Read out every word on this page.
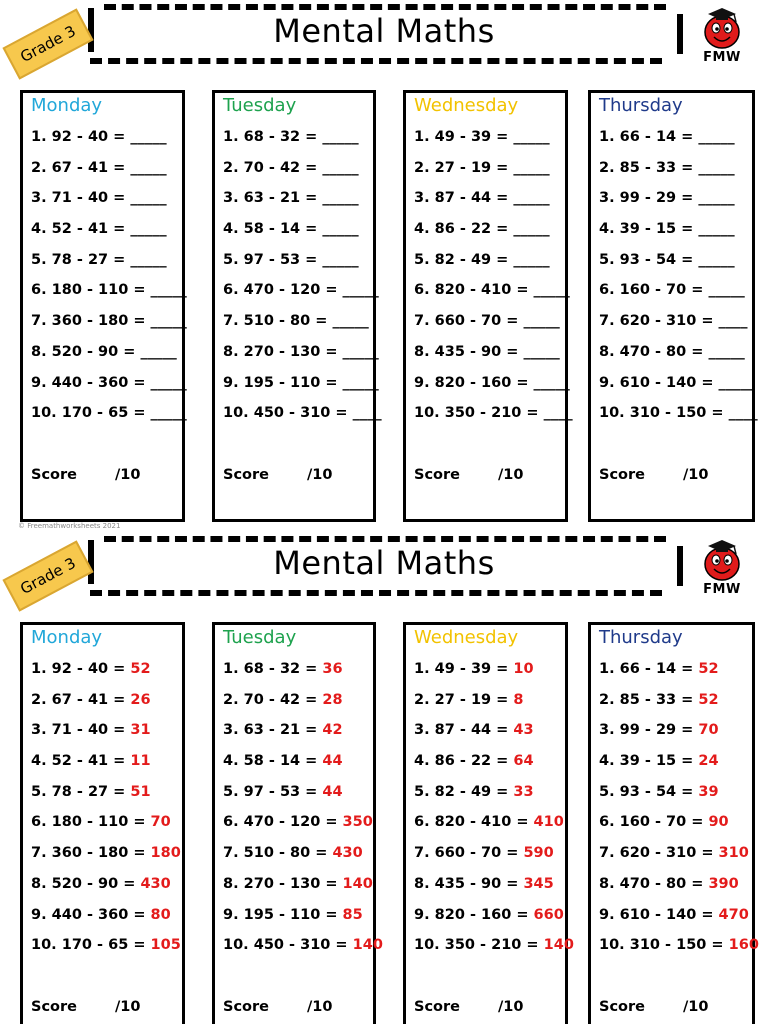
Mental Maths
Grade 3	FMW
Monday
1. 92 - 40 = _____
2. 67 - 41 = _____
3. 71 - 40 = _____
4. 52 - 41 = _____
5. 78 - 27 = _____
6. 180 - 110 = _____
7. 360 - 180 = _____
8. 520 - 90 = _____
9. 440 - 360 = _____
10. 170 - 65 = _____
Score	/10
Tuesday
1. 68 - 32 = _____
2. 70 - 42 = _____
3. 63 - 21 = _____
4. 58 - 14 = _____
5. 97 - 53 = _____
6. 470 - 120 = _____
7. 510 - 80 = _____
8. 270 - 130 = _____
9. 195 - 110 = _____
10. 450 - 310 = ____
Score	/10
Wednesday
1. 49 - 39 = _____
2. 27 - 19 = _____
3. 87 - 44 = _____
4. 86 - 22 = _____
5. 82 - 49 = _____
6. 820 - 410 = _____
7. 660 - 70 = _____
8. 435 - 90 = _____
9. 820 - 160 = _____
10. 350 - 210 = ____
Score	/10
Thursday
1. 66 - 14 = _____
2. 85 - 33 = _____
3. 99 - 29 = _____
4. 39 - 15 = _____
5. 93 - 54 = _____
6. 160 - 70 = _____
7. 620 - 310 = ____
8. 470 - 80 = _____
9. 610 - 140 = _____
10. 310 - 150 = ____
Score	/10
Mental Maths
Grade 3	FMW
Monday
1. 92 - 40 = 52
2. 67 - 41 = 26
3. 71 - 40 = 31
4. 52 - 41 = 11
5. 78 - 27 = 51
6. 180 - 110 = 70
7. 360 - 180 = 180
8. 520 - 90 = 430
9. 440 - 360 = 80
10. 170 - 65 = 105
Score	/10
Tuesday
1. 68 - 32 = 36
2. 70 - 42 = 28
3. 63 - 21 = 42
4. 58 - 14 = 44
5. 97 - 53 = 44
6. 470 - 120 = 350
7. 510 - 80 = 430
8. 270 - 130 = 140
9. 195 - 110 = 85
10. 450 - 310 = 140
Score	/10
Wednesday
1. 49 - 39 = 10
2. 27 - 19 = 8
3. 87 - 44 = 43
4. 86 - 22 = 64
5. 82 - 49 = 33
6. 820 - 410 = 410
7. 660 - 70 = 590
8. 435 - 90 = 345
9. 820 - 160 = 660
10. 350 - 210 = 140
Score	/10
Thursday
1. 66 - 14 = 52
2. 85 - 33 = 52
3. 99 - 29 = 70
4. 39 - 15 = 24
5. 93 - 54 = 39
6. 160 - 70 = 90
7. 620 - 310 = 310
8. 470 - 80 = 390
9. 610 - 140 = 470
10. 310 - 150 = 160
Score	/10
© Freemathworksheets 2021
